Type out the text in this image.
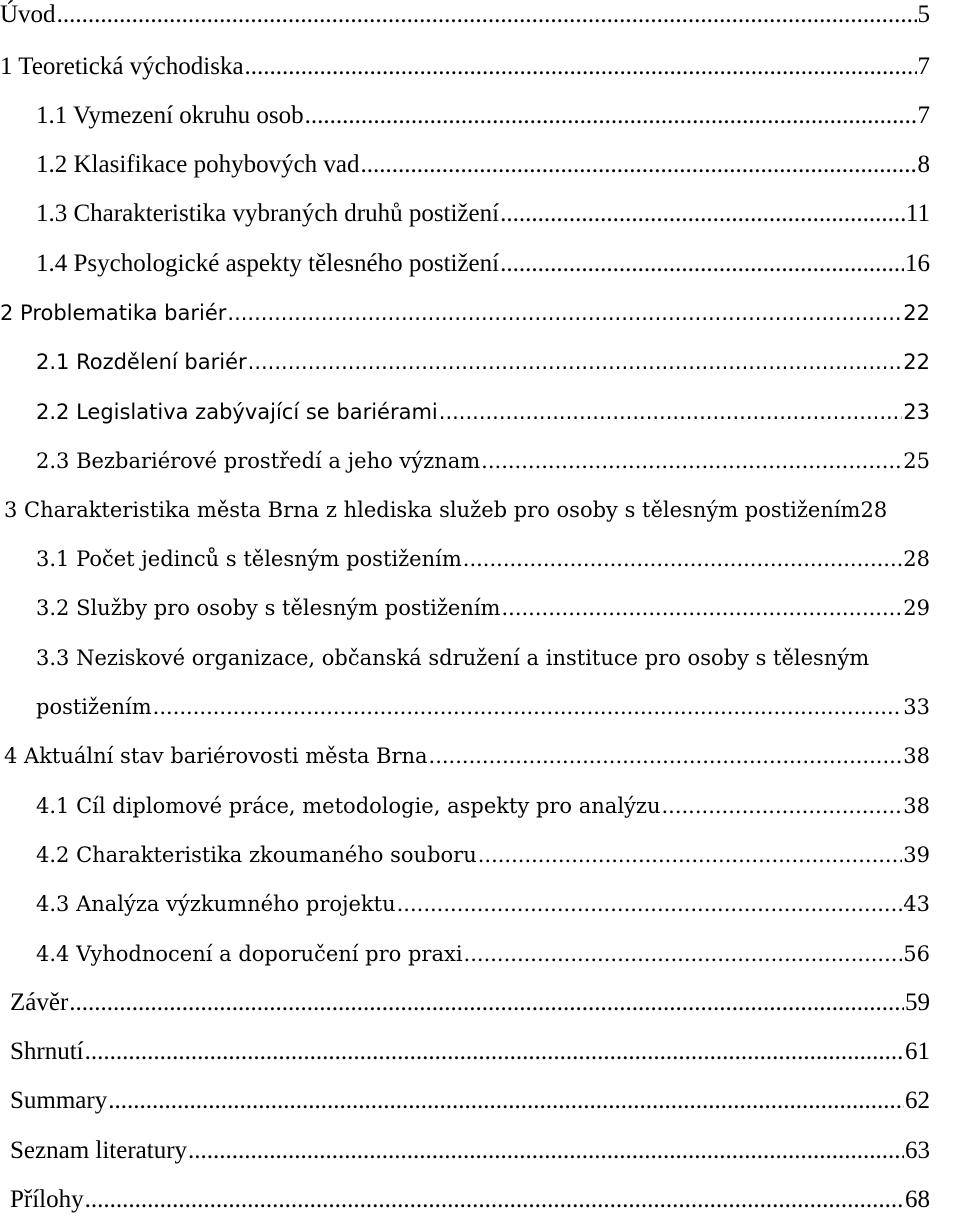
Úvod .....	5
1 Teoretická východiska .....	7
1.1 Vymezení okruhu osob .....	7
1.2 Klasifikace pohybových vad .....	8
1.3 Charakteristika vybraných druhů postižení .....	11
1.4 Psychologické aspekty tělesného postižení .....	16
2 Problematika bariér .....	22
2.1 Rozdělení bariér .....	22
2.2 Legislativa zabývající se bariérami .....	23
2.3 Bezbariérové prostředí a jeho význam .....	25
3 Charakteristika města Brna z hlediska služeb pro osoby s tělesným postižením 28
3.1 Počet jedinců s tělesným postižením .....	28
3.2 Služby pro osoby s tělesným postižením .....	29
3.3 Neziskové organizace, občanská sdružení a instituce pro osoby s tělesným
postižením .....	33
4 Aktuální stav bariérovosti města Brna .....	38
4.1 Cíl diplomové práce, metodologie, aspekty pro analýzu .....	38
4.2 Charakteristika zkoumaného souboru .....	39
4.3 Analýza výzkumného projektu .....	43
4.4 Vyhodnocení a doporučení pro praxi .....	56
Závěr .....	59
Shrnutí .....	61
Summary .....	62
Seznam literatury .....	63
Přílohy .....	68
